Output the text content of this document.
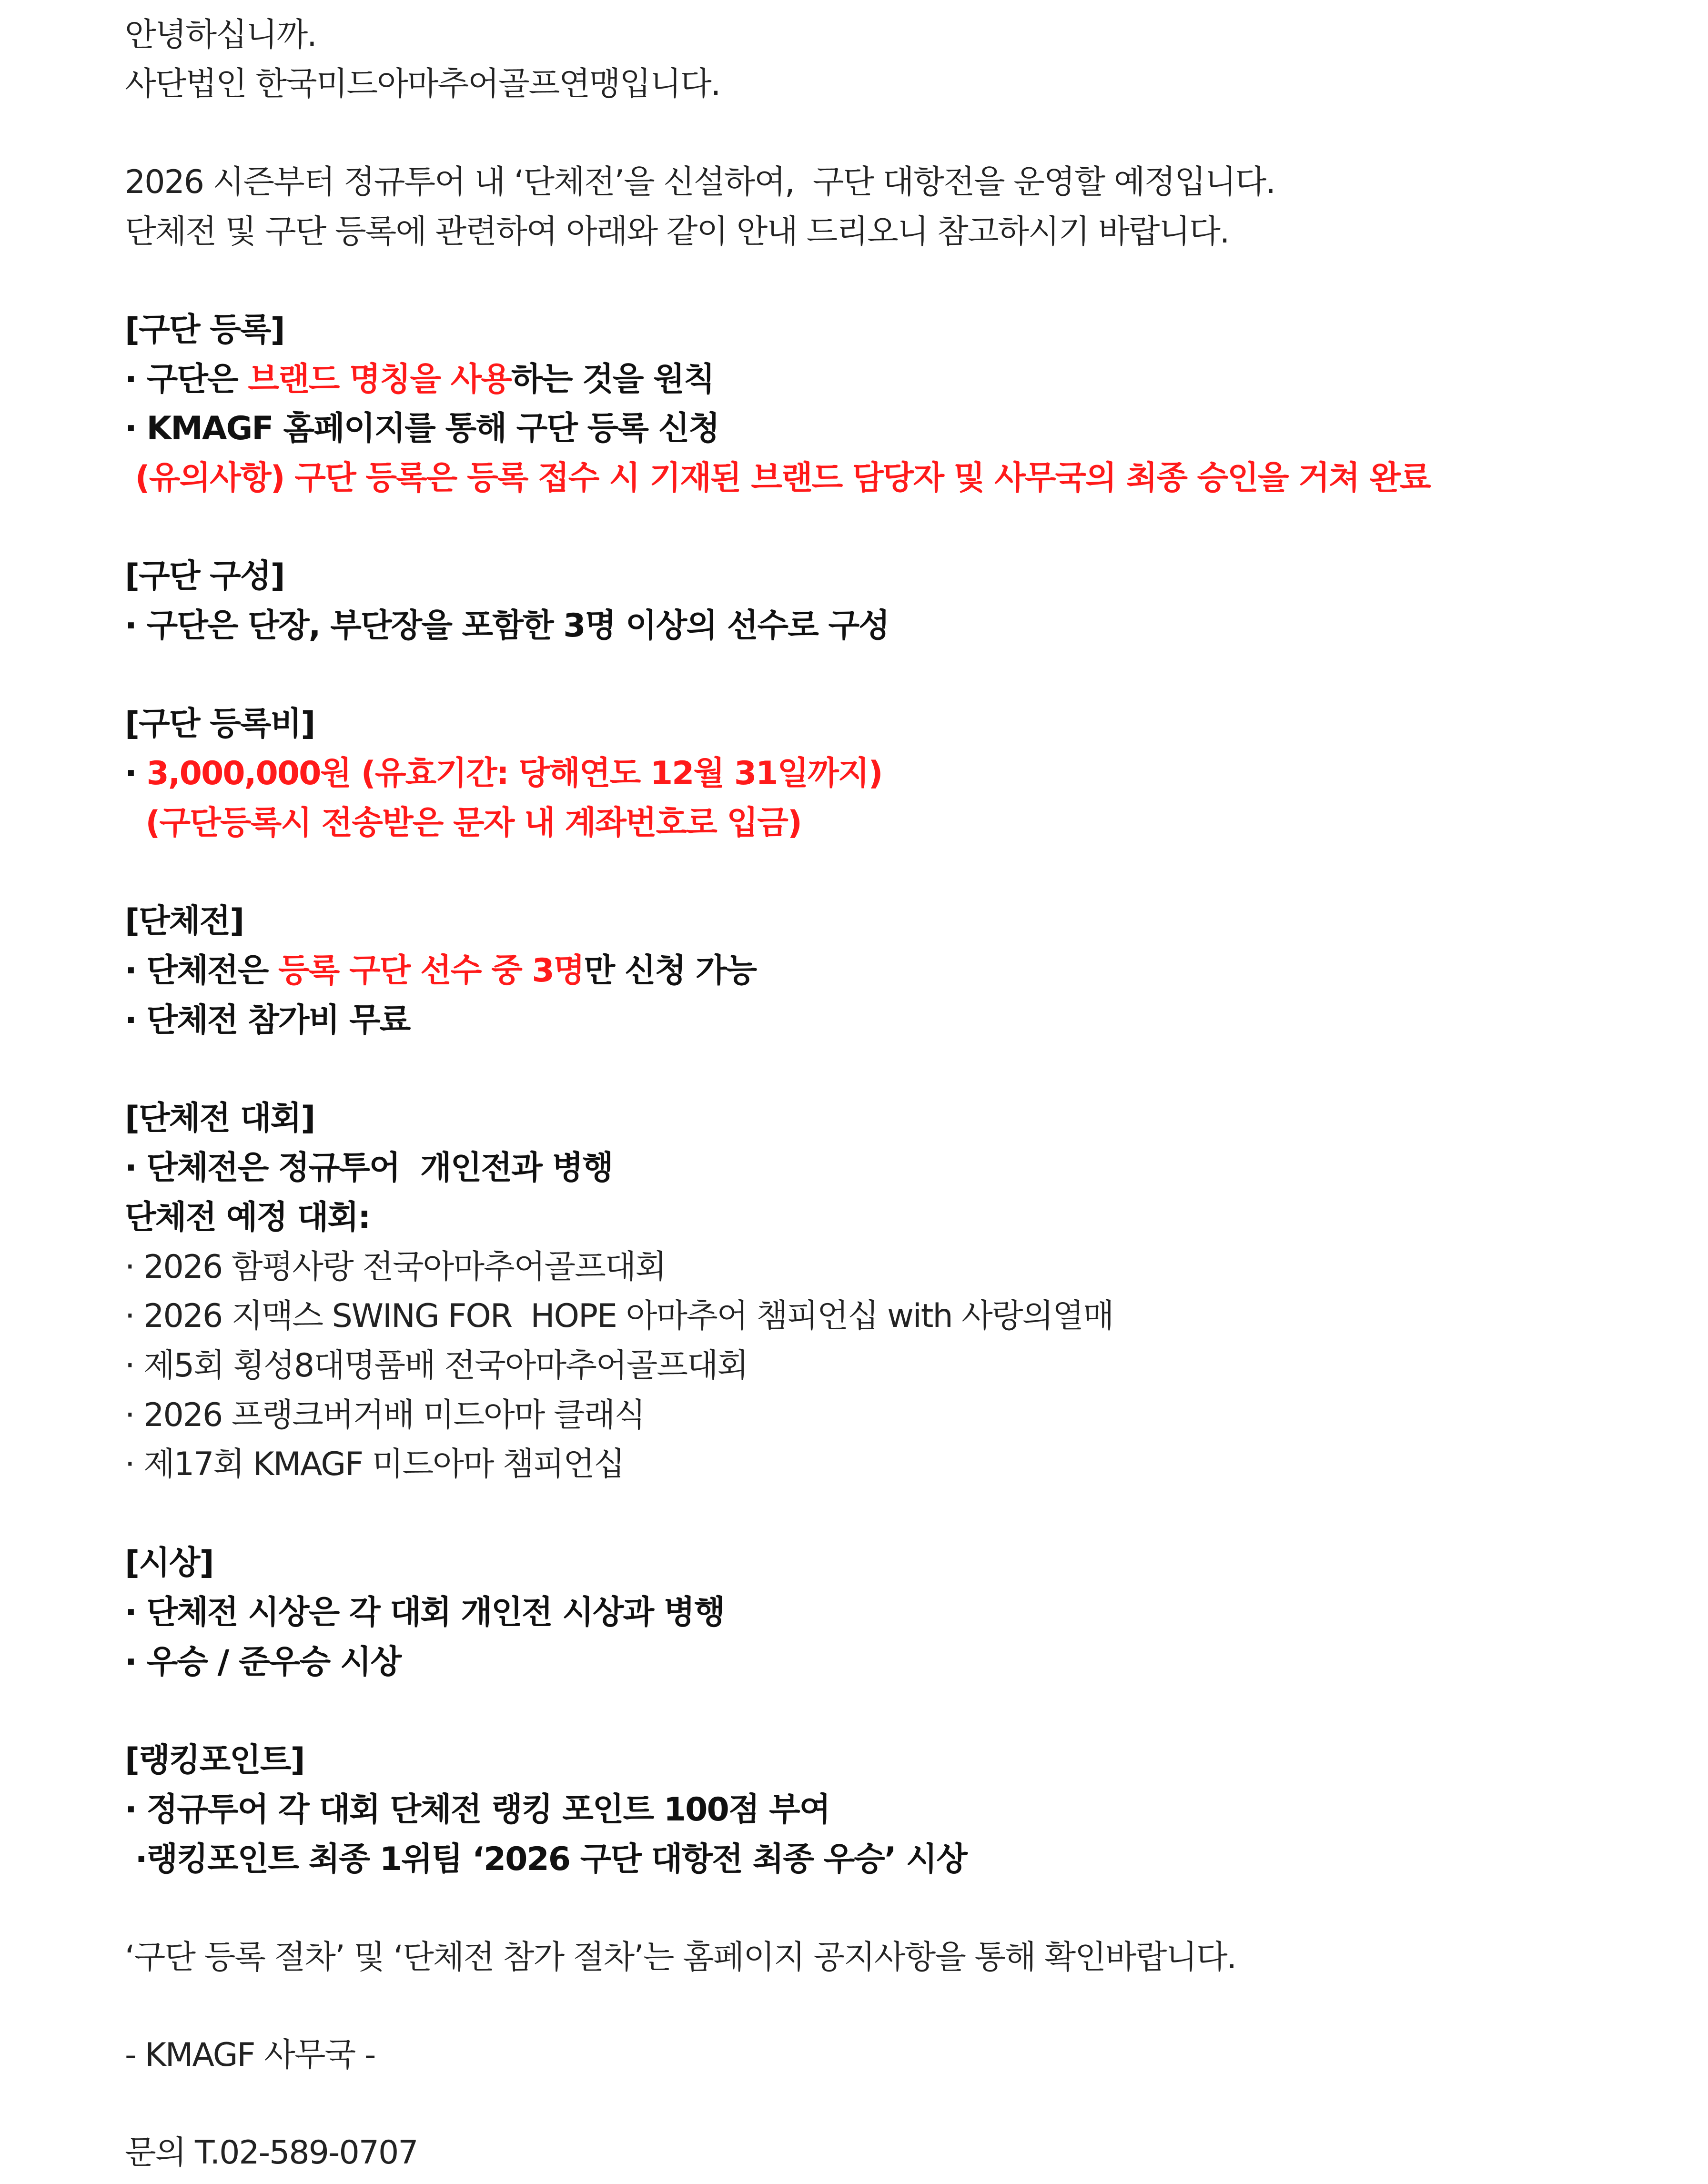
안녕하십니까.

사단법인 한국미드아마추어골프연맹입니다.

2026 시즌부터 정규투어 내 ‘단체전’을 신설하여,  구단 대항전을 운영할 예정입니다.

단체전 및 구단 등록에 관련하여 아래와 같이 안내 드리오니 참고하시기 바랍니다.

[구단 등록]

· 구단은 브랜드 명칭을 사용하는 것을 원칙

· KMAGF 홈페이지를 통해 구단 등록 신청

(유의사항) 구단 등록은 등록 접수 시 기재된 브랜드 담당자 및 사무국의 최종 승인을 거쳐 완료

[구단 구성]

· 구단은 단장, 부단장을 포함한 3명 이상의 선수로 구성

[구단 등록비]

· 3,000,000원 (유효기간: 당해연도 12월 31일까지)

(구단등록시 전송받은 문자 내 계좌번호로 입금)

[단체전]

· 단체전은 등록 구단 선수 중 3명만 신청 가능

· 단체전 참가비 무료

[단체전 대회]

· 단체전은 정규투어  개인전과 병행

단체전 예정 대회:

· 2026 함평사랑 전국아마추어골프대회

· 2026 지맥스 SWING FOR  HOPE 아마추어 챔피언십 with 사랑의열매

· 제5회 횡성8대명품배 전국아마추어골프대회

· 2026 프랭크버거배 미드아마 클래식

· 제17회 KMAGF 미드아마 챔피언십

[시상]

· 단체전 시상은 각 대회 개인전 시상과 병행

· 우승 / 준우승 시상

[랭킹포인트]

· 정규투어 각 대회 단체전 랭킹 포인트 100점 부여

·랭킹포인트 최종 1위팀 ‘2026 구단 대항전 최종 우승’ 시상

‘구단 등록 절차’ 및 ‘단체전 참가 절차’는 홈페이지 공지사항을 통해 확인바랍니다.

- KMAGF 사무국 -

문의 T.02-589-0707
